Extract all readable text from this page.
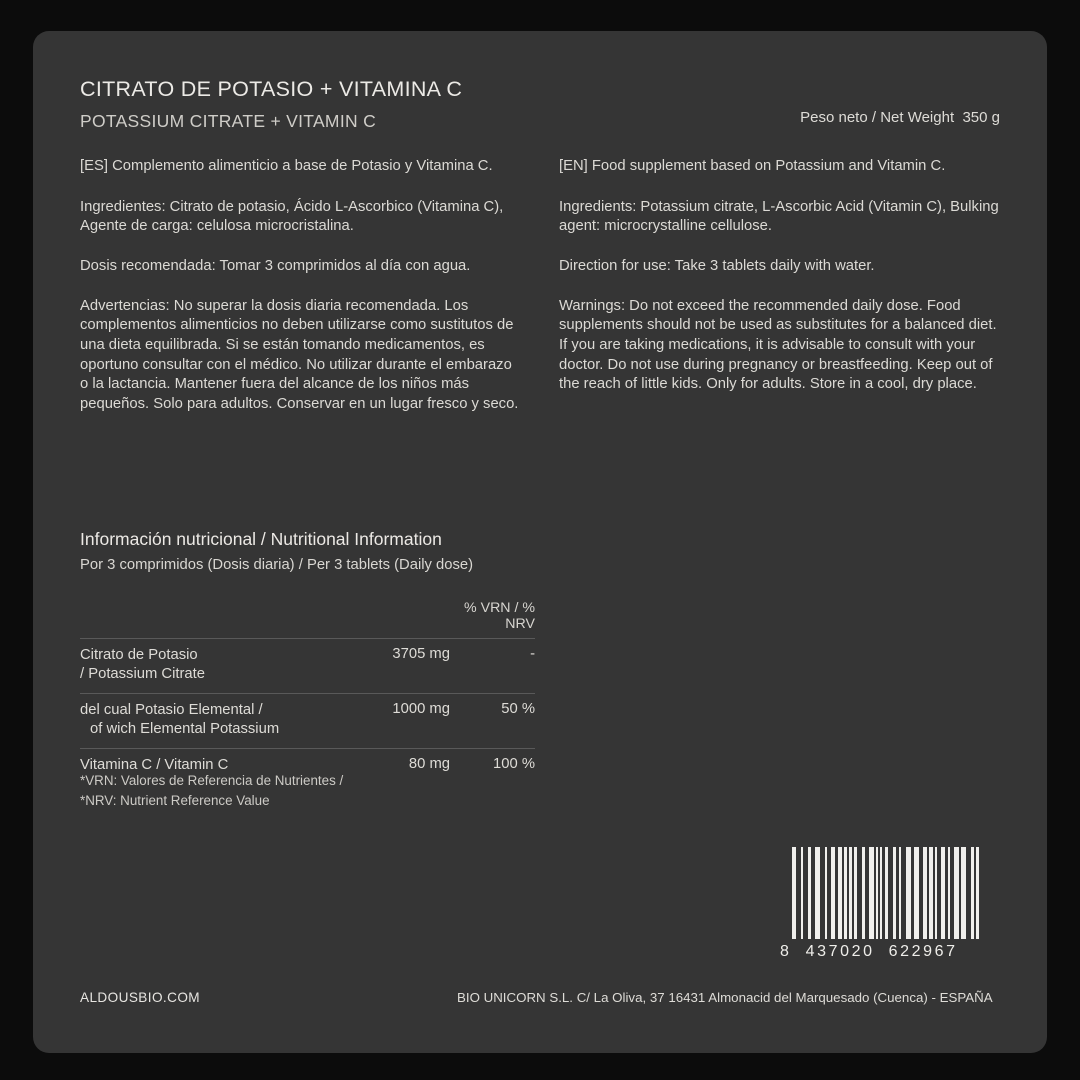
CITRATO DE POTASIO + VITAMINA C
POTASSIUM CITRATE + VITAMIN C	Peso neto / Net Weight  350 g
[ES] Complemento alimenticio a base de Potasio y Vitamina C.
Ingredientes: Citrato de potasio, Ácido L-Ascorbico (Vitamina C), Agente de carga: celulosa microcristalina.
Dosis recomendada: Tomar 3 comprimidos al día con agua.
Advertencias: No superar la dosis diaria recomendada. Los complementos alimenticios no deben utilizarse como sustitutos de una dieta equilibrada. Si se están tomando medicamentos, es oportuno consultar con el médico. No utilizar durante el embarazo o la lactancia. Mantener fuera del alcance de los niños más pequeños. Solo para adultos. Conservar en un lugar fresco y seco.
[EN] Food supplement based on Potassium and Vitamin C.
Ingredients: Potassium citrate, L-Ascorbic Acid (Vitamin C), Bulking agent: microcrystalline cellulose.
Direction for use: Take 3 tablets daily with water.
Warnings: Do not exceed the recommended daily dose. Food supplements should not be used as substitutes for a balanced diet. If you are taking medications, it is advisable to consult with your doctor. Do not use during pregnancy or breastfeeding. Keep out of the reach of little kids. Only for adults. Store in a cool, dry place.
Información nutricional / Nutritional Information
Por 3 comprimidos (Dosis diaria) / Per 3 tablets (Daily dose)
		% VRN / % NRV
Citrato de Potasio
/ Potassium Citrate	3705 mg	-
del cual Potasio Elemental /
of wich Elemental Potassium	1000 mg	50 %
Vitamina C / Vitamin C	80 mg	100 %
*VRN: Valores de Referencia de Nutrientes /
*NRV: Nutrient Reference Value
8  437020  622967
ALDOUSBIO.COM	BIO UNICORN S.L. C/ La Oliva, 37 16431 Almonacid del Marquesado (Cuenca) - ESPAÑA
